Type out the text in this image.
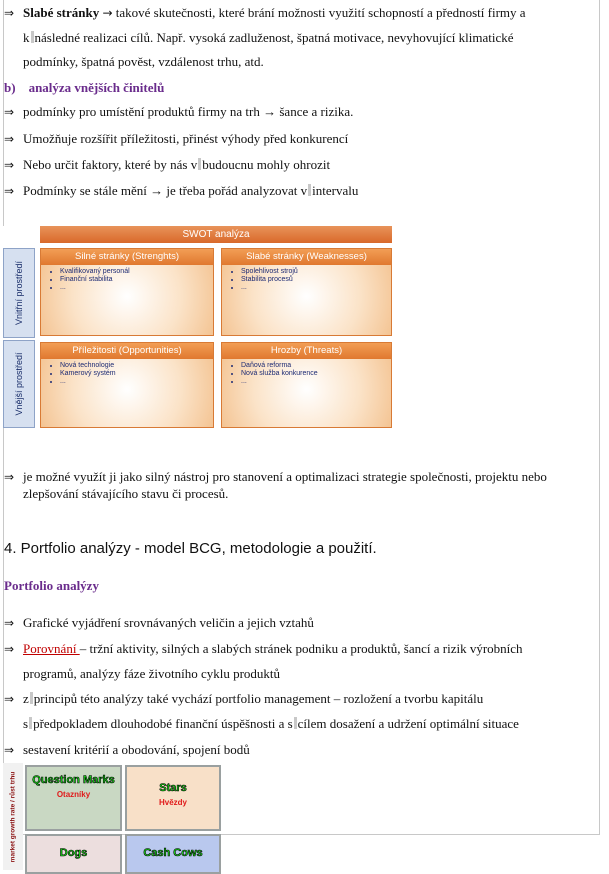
⇒ Slabé stránky → takové skutečnosti, které brání možnosti využití schopností a předností firmy a
k následné realizaci cílů. Např. vysoká zadluženost, špatná motivace, nevyhovující klimatické
podmínky, špatná pověst, vzdálenost trhu, atd.
b) analýza vnějších činitelů
⇒ podmínky pro umístění produktů firmy na trh → šance a rizika.
⇒ Umožňuje rozšířit příležitosti, přinést výhody před konkurencí
⇒ Nebo určit faktory, které by nás v budoucnu mohly ohrozit
⇒ Podmínky se stále mění → je třeba pořád analyzovat v intervalu
SWOT analýza
Vnitřní prostředí
Vnější prostředí
Silné stránky (Strenghts)
• Kvalifikovaný personál
• Finanční stabilita
• ...
Slabé stránky (Weaknesses)
• Spolehlivost strojů
• Stabilita procesů
• ...
Příležitosti (Opportunities)
• Nová technologie
• Kamerový systém
• ...
Hrozby (Threats)
• Daňová reforma
• Nová služba konkurence
• ...
⇒ je možné využít ji jako silný nástroj pro stanovení a optimalizaci strategie společnosti, projektu nebo
zlepšování stávajícího stavu či procesů.
4. Portfolio analýzy - model BCG, metodologie a použití.
Portfolio analýzy
⇒ Grafické vyjádření srovnávaných veličin a jejich vztahů
⇒ Porovnání – tržní aktivity, silných a slabých stránek podniku a produktů, šancí a rizik výrobních
programů, analýzy fáze životního cyklu produktů
⇒ z principů této analýzy také vychází portfolio management – rozložení a tvorbu kapitálu
s předpokladem dlouhodobé finanční úspěšnosti a s cílem dosažení a udržení optimální situace
⇒ sestavení kritérií a obodování, spojení bodů
market growth rate / růst trhu	Question Marks
Otazníky
Stars
Hvězdy
Dogs	Cash Cows
